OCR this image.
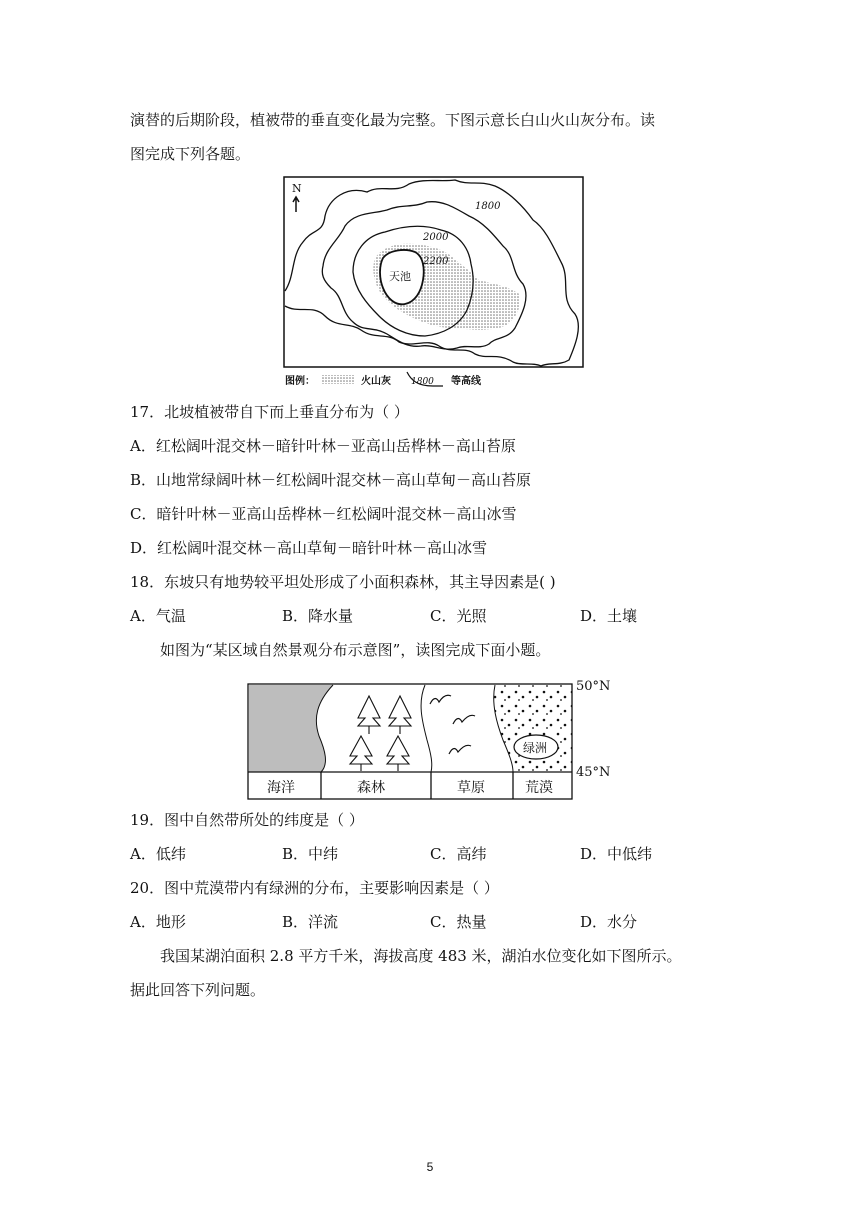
演替的后期阶段，植被带的垂直变化最为完整。下图示意长白山火山灰分布。读
图完成下列各题。
天池
N
1800
2000
2200
图例：	火山灰 1800 等高线
17．北坡植被带自下而上垂直分布为（ ）
A．红松阔叶混交林－暗针叶林－亚高山岳桦林－高山苔原
B．山地常绿阔叶林－红松阔叶混交林－高山草甸－高山苔原
C．暗针叶林－亚高山岳桦林－红松阔叶混交林－高山冰雪
D．红松阔叶混交林－高山草甸－暗针叶林－高山冰雪
18．东坡只有地势较平坦处形成了小面积森林，其主导因素是( )
A．气温	B．降水量	C．光照	D．土壤
如图为“某区域自然景观分布示意图”，读图完成下面小题。
绿洲
海洋	森林	草原	荒漠
50°N
45°N
19．图中自然带所处的纬度是（ ）
A．低纬	B．中纬	C．高纬	D．中低纬
20．图中荒漠带内有绿洲的分布，主要影响因素是（ ）
A．地形	B．洋流	C．热量	D．水分
我国某湖泊面积 2.8 平方千米，海拔高度 483 米，湖泊水位变化如下图所示。
据此回答下列问题。
5
